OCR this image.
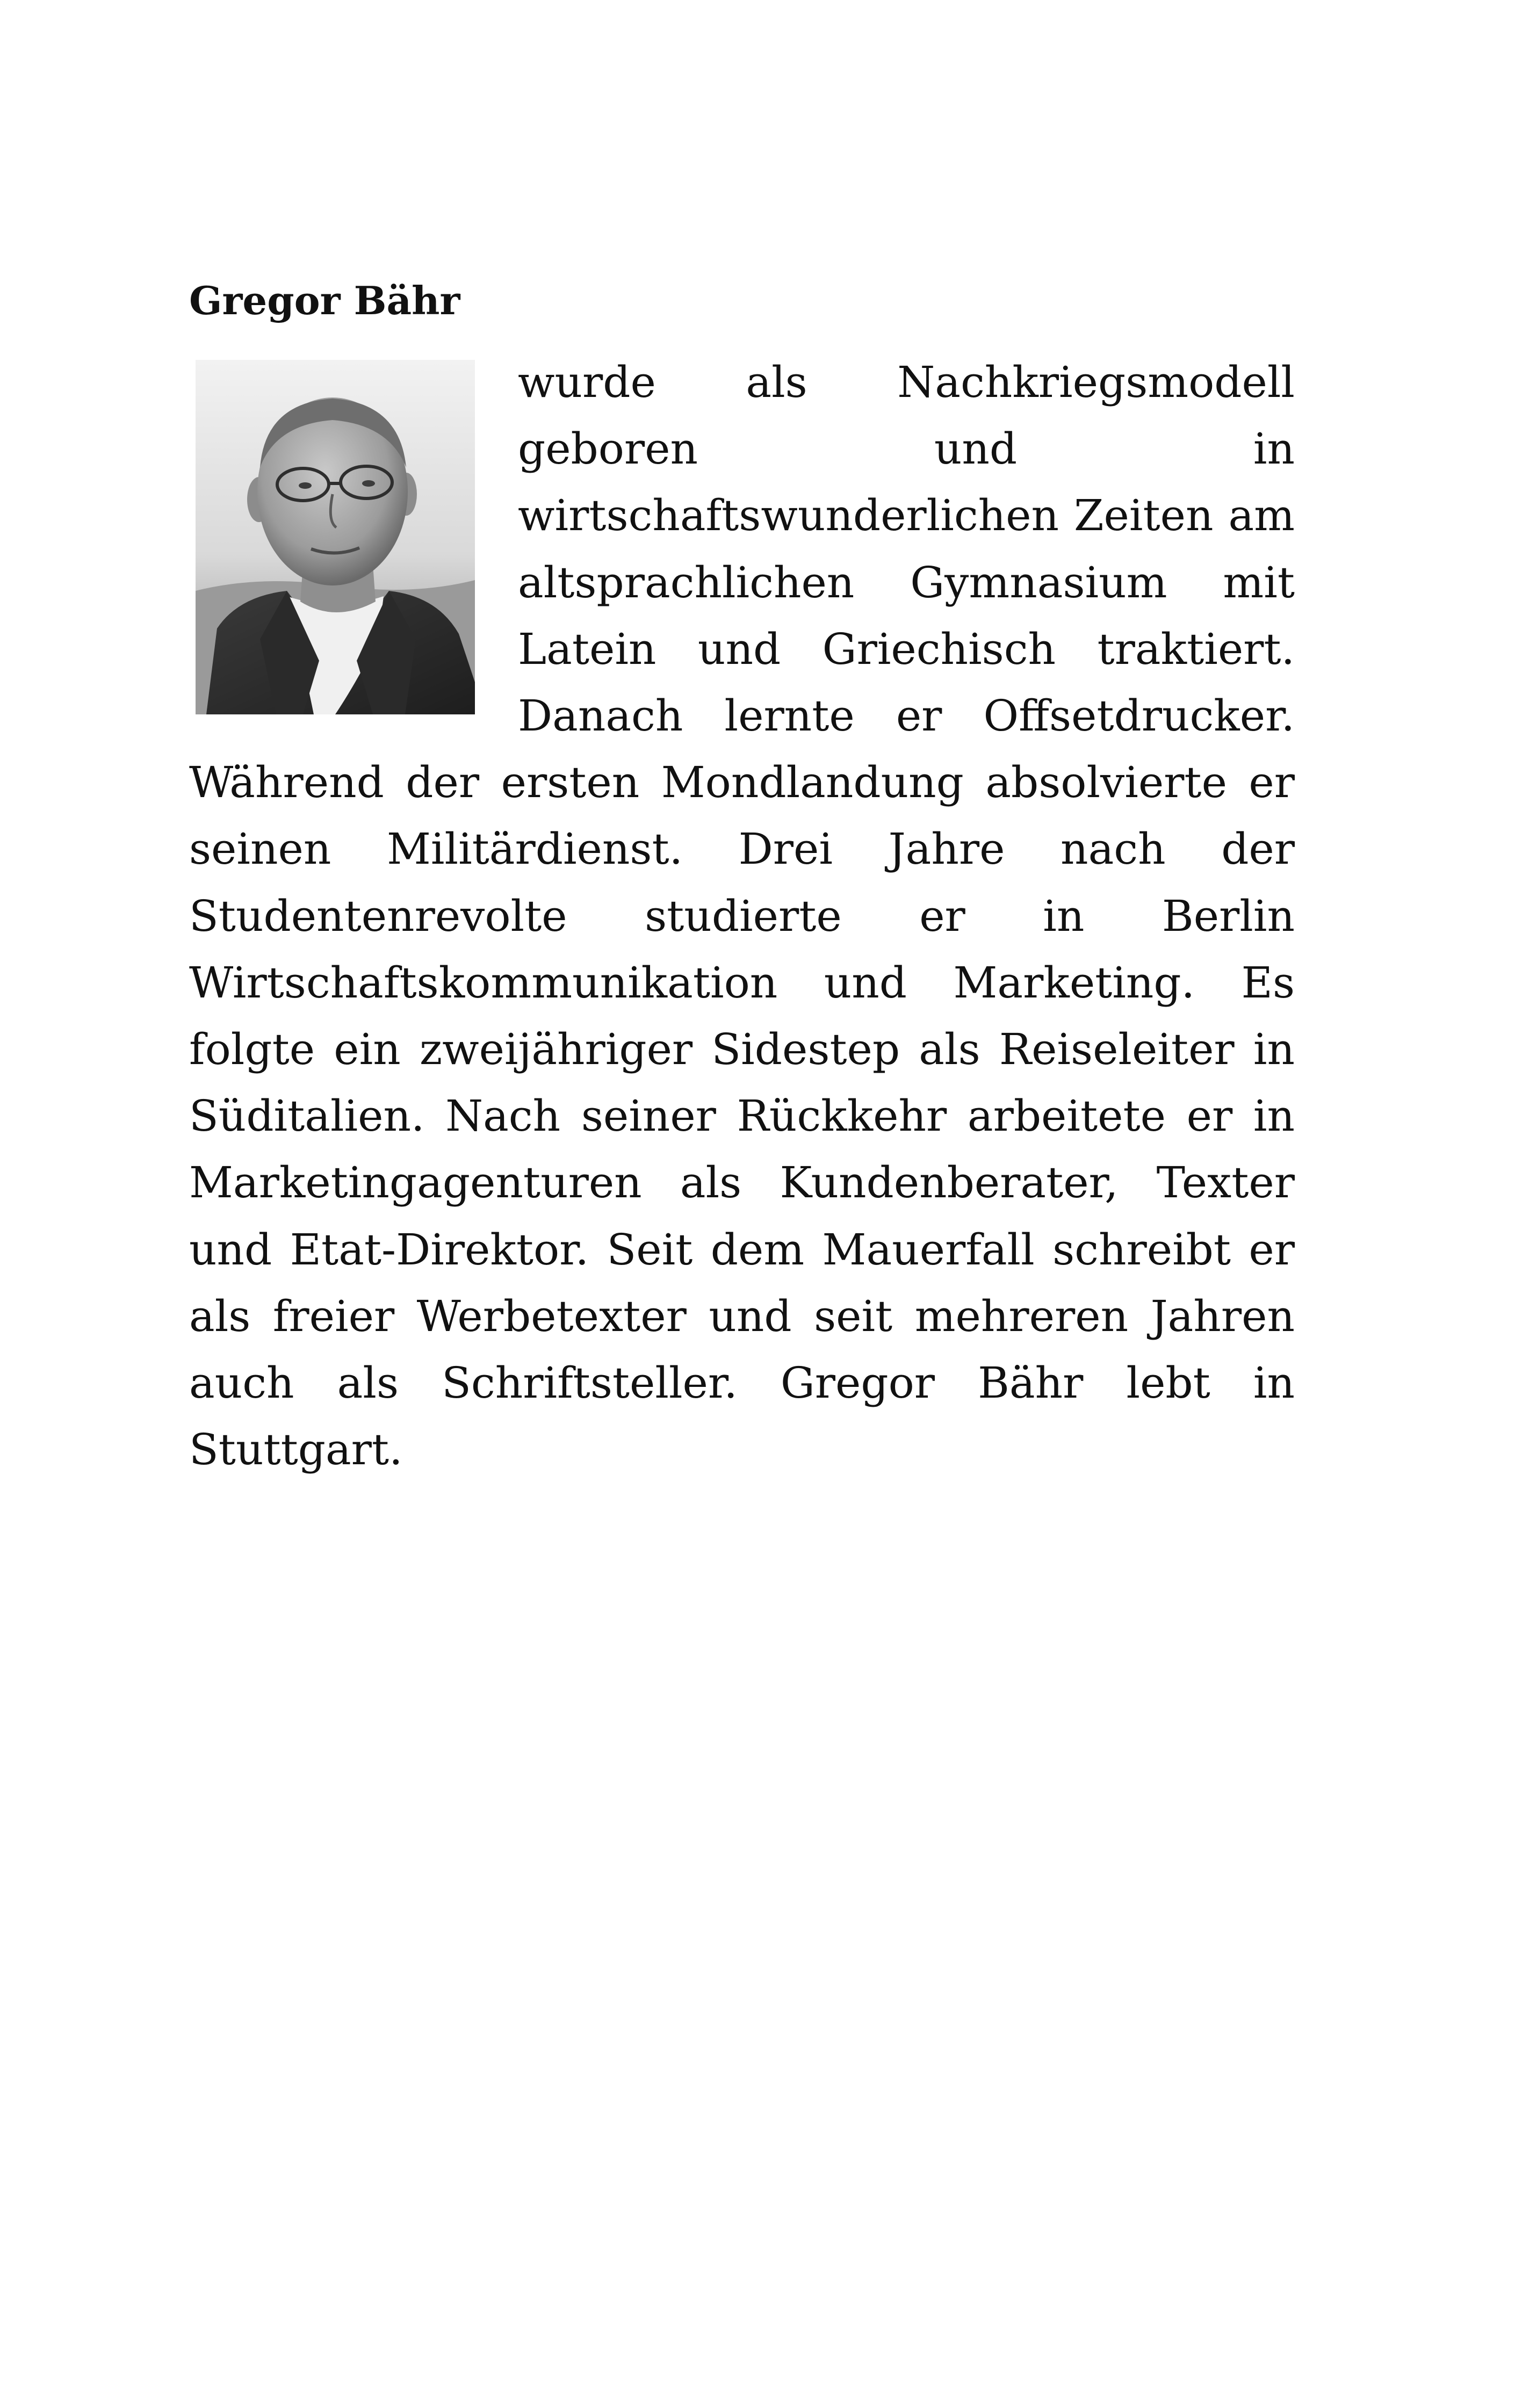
Gregor Bähr

wurde als Nachkriegsmodell geboren und in wirtschaftswunderlichen Zeiten am altsprachlichen Gymnasium mit Latein und Griechisch traktiert. Danach lernte er Offsetdrucker. Während der ersten Mondlandung absolvierte er seinen Militärdienst. Drei Jahre nach der Studentenrevolte studierte er in Berlin Wirtschaftskommunikation und Marketing. Es folgte ein zweijähriger Sidestep als Reiseleiter in Süditalien. Nach seiner Rückkehr arbeitete er in Marketingagenturen als Kundenberater, Texter und Etat-Direktor. Seit dem Mauerfall schreibt er als freier Werbetexter und seit mehreren Jahren auch als Schriftsteller. Gregor Bähr lebt in Stuttgart.
